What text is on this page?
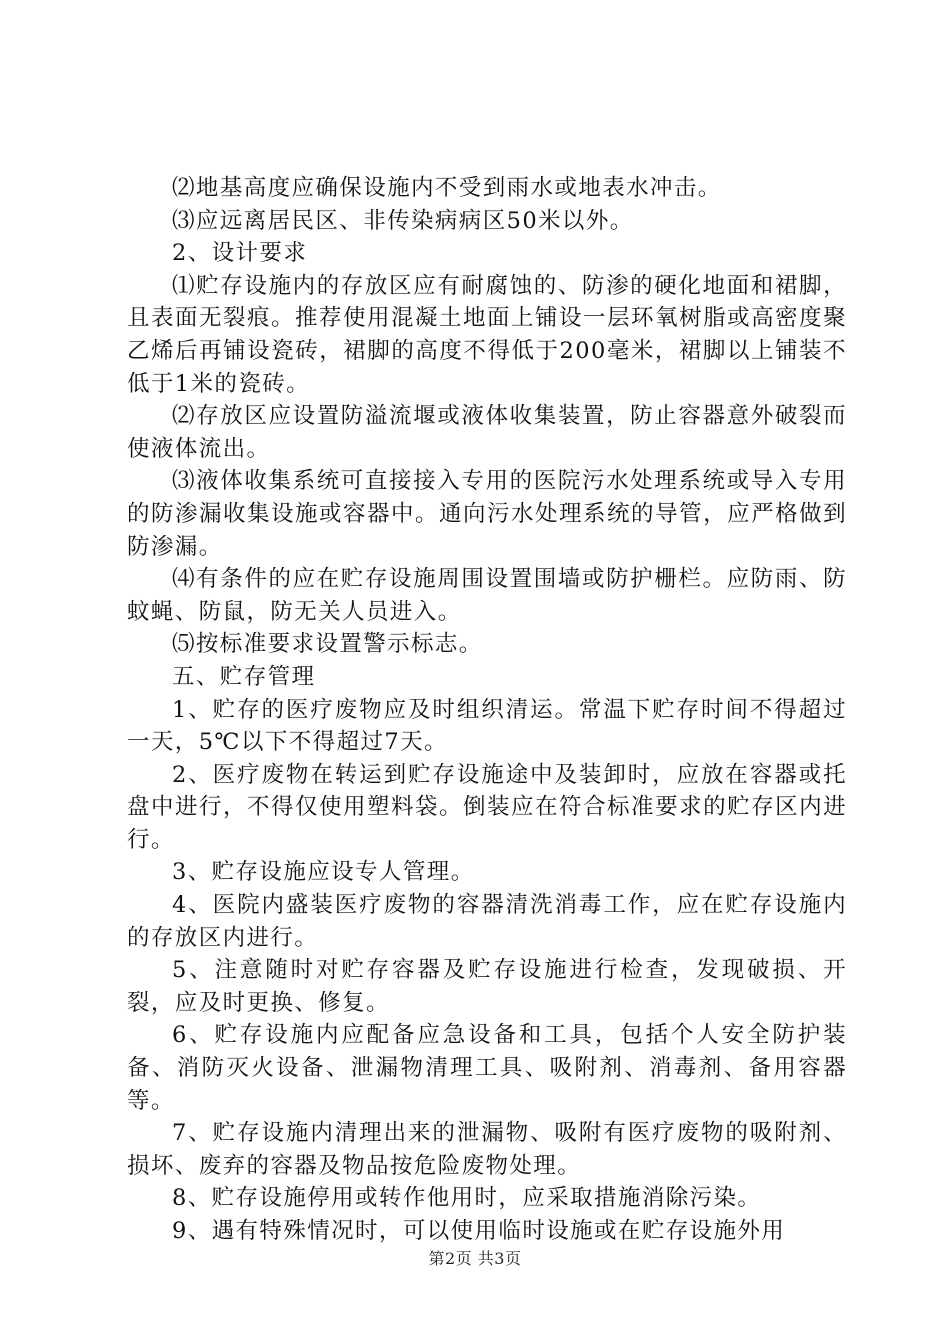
⑵地基高度应确保设施内不受到雨水或地表水冲击。

⑶应远离居民区、非传染病病区50米以外。

2、设计要求

⑴贮存设施内的存放区应有耐腐蚀的、防渗的硬化地面和裙脚，且表面无裂痕。推荐使用混凝土地面上铺设一层环氧树脂或高密度聚乙烯后再铺设瓷砖，裙脚的高度不得低于200毫米，裙脚以上铺装不低于1米的瓷砖。

⑵存放区应设置防溢流堰或液体收集装置，防止容器意外破裂而使液体流出。

⑶液体收集系统可直接接入专用的医院污水处理系统或导入专用的防渗漏收集设施或容器中。通向污水处理系统的导管，应严格做到防渗漏。

⑷有条件的应在贮存设施周围设置围墙或防护栅栏。应防雨、防蚊蝇、防鼠，防无关人员进入。

⑸按标准要求设置警示标志。

五、贮存管理

1、贮存的医疗废物应及时组织清运。常温下贮存时间不得超过一天，5℃以下不得超过7天。

2、医疗废物在转运到贮存设施途中及装卸时，应放在容器或托盘中进行，不得仅使用塑料袋。倒装应在符合标准要求的贮存区内进行。

3、贮存设施应设专人管理。

4、医院内盛装医疗废物的容器清洗消毒工作，应在贮存设施内的存放区内进行。

5、注意随时对贮存容器及贮存设施进行检查，发现破损、开裂，应及时更换、修复。

6、贮存设施内应配备应急设备和工具，包括个人安全防护装备、消防灭火设备、泄漏物清理工具、吸附剂、消毒剂、备用容器等。

7、贮存设施内清理出来的泄漏物、吸附有医疗废物的吸附剂、损坏、废弃的容器及物品按危险废物处理。

8、贮存设施停用或转作他用时，应采取措施消除污染。

9、遇有特殊情况时，可以使用临时设施或在贮存设施外用

第2页 共3页
